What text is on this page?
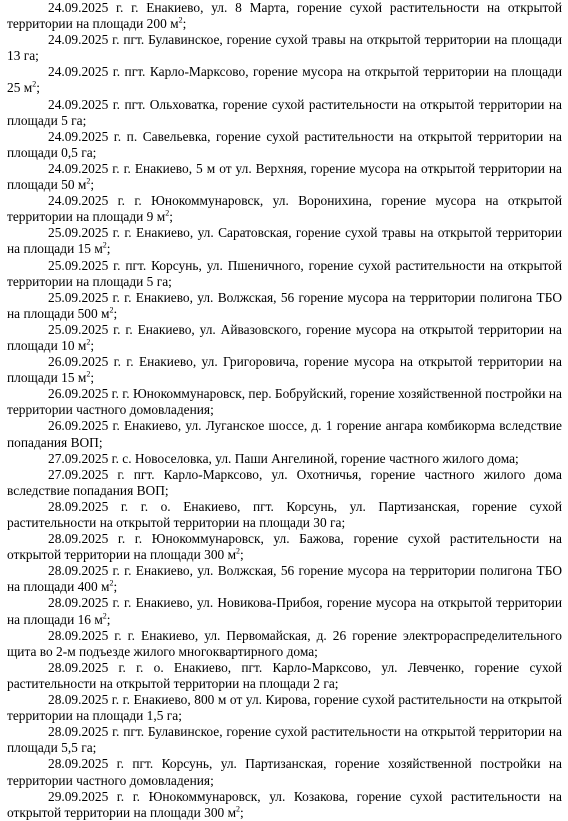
24.09.2025 г. г. Енакиево, ул. 8 Марта, горение сухой растительности на открытой территории на площади 200 $м^2$;

24.09.2025 г. пгт. Булавинское, горение сухой травы на открытой территории на площади 13 га;

24.09.2025 г. пгт. Карло-Марксово, горение мусора на открытой территории на площади 25 $м^2$;

24.09.2025 г. пгт. Ольховатка, горение сухой растительности на открытой территории на площади 5 га;

24.09.2025 г. п. Савельевка, горение сухой растительности на открытой территории на площади 0,5 га;

24.09.2025 г. г. Енакиево, 5 м от ул. Верхняя, горение мусора на открытой территории на площади 50 $м^2$;

24.09.2025 г. г. Юнокоммунаровск, ул. Воронихина, горение мусора на открытой территории на площади 9 $м^2$;

25.09.2025 г. г. Енакиево, ул. Саратовская, горение сухой травы на открытой территории на площади 15 $м^2$;

25.09.2025 г. пгт. Корсунь, ул. Пшеничного, горение сухой растительности на открытой территории на площади 5 га;

25.09.2025 г. г. Енакиево, ул. Волжская, 56 горение мусора на территории полигона ТБО на площади 500 $м^2$;

25.09.2025 г. г. Енакиево, ул. Айвазовского, горение мусора на открытой территории на площади 10 $м^2$;

26.09.2025 г. г. Енакиево, ул. Григоровича, горение мусора на открытой территории на площади 15 $м^2$;

26.09.2025 г. г. Юнокоммунаровск, пер. Бобруйский, горение хозяйственной постройки на территории частного домовладения;

26.09.2025 г. Енакиево, ул. Луганское шоссе, д. 1 горение ангара комбикорма вследствие попадания ВОП;

27.09.2025 г. с. Новоселовка, ул. Паши Ангелиной, горение частного жилого дома;

27.09.2025 г. пгт. Карло-Марксово, ул. Охотничья, горение частного жилого дома вследствие попадания ВОП;

28.09.2025 г. г. о. Енакиево, пгт. Корсунь, ул. Партизанская, горение сухой растительности на открытой территории на площади 30 га;

28.09.2025 г. г. Юнокоммунаровск, ул. Бажова, горение сухой растительности на открытой территории на площади 300 $м^2$;

28.09.2025 г. г. Енакиево, ул. Волжская, 56 горение мусора на территории полигона ТБО на площади 400 $м^2$;

28.09.2025 г. г. Енакиево, ул. Новикова-Прибоя, горение мусора на открытой территории на площади 16 $м^2$;

28.09.2025 г. г. Енакиево, ул. Первомайская, д. 26 горение электрораспределительного щита во 2-м подъезде жилого многоквартирного дома;

28.09.2025 г. г. о. Енакиево, пгт. Карло-Марксово, ул. Левченко, горение сухой растительности на открытой территории на площади 2 га;

28.09.2025 г. г. Енакиево, 800 м от ул. Кирова, горение сухой растительности на открытой территории на площади 1,5 га;

28.09.2025 г. пгт. Булавинское, горение сухой растительности на открытой территории на площади 5,5 га;

28.09.2025 г. пгт. Корсунь, ул. Партизанская, горение хозяйственной постройки на территории частного домовладения;

29.09.2025 г. г. Юнокоммунаровск, ул. Козакова, горение сухой растительности на открытой территории на площади 300 $м^2$;
